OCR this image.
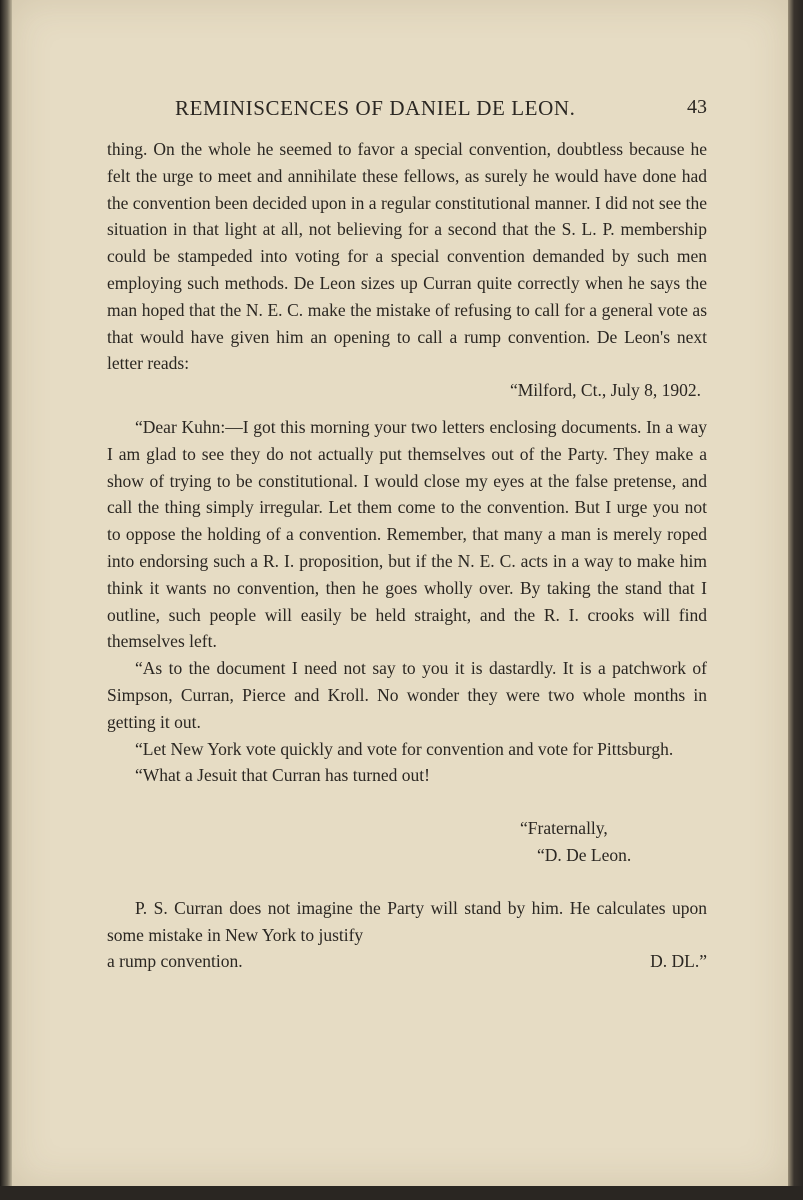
REMINISCENCES OF DANIEL DE LEON.	43

thing. On the whole he seemed to favor a special convention, doubtless because he felt the urge to meet and annihilate these fellows, as surely he would have done had the convention been decided upon in a regular constitutional manner. I did not see the situation in that light at all, not believing for a second that the S. L. P. membership could be stampeded into voting for a special convention demanded by such men employing such methods. De Leon sizes up Curran quite correctly when he says the man hoped that the N. E. C. make the mistake of refusing to call for a general vote as that would have given him an opening to call a rump convention. De Leon's next letter reads:

“Milford, Ct., July 8, 1902.

“Dear Kuhn:—I got this morning your two letters enclosing documents. In a way I am glad to see they do not actually put themselves out of the Party. They make a show of trying to be constitutional. I would close my eyes at the false pretense, and call the thing simply irregular. Let them come to the convention. But I urge you not to oppose the holding of a convention. Remember, that many a man is merely roped into endorsing such a R. I. proposition, but if the N. E. C. acts in a way to make him think it wants no convention, then he goes wholly over. By taking the stand that I outline, such people will easily be held straight, and the R. I. crooks will find themselves left.

“As to the document I need not say to you it is dastardly. It is a patchwork of Simpson, Curran, Pierce and Kroll. No wonder they were two whole months in getting it out.

“Let New York vote quickly and vote for convention and vote for Pittsburgh.

“What a Jesuit that Curran has turned out!

“Fraternally,

“D. De Leon.

P. S. Curran does not imagine the Party will stand by him. He calculates upon some mistake in New York to justify

a rump convention.	D. DL.”
